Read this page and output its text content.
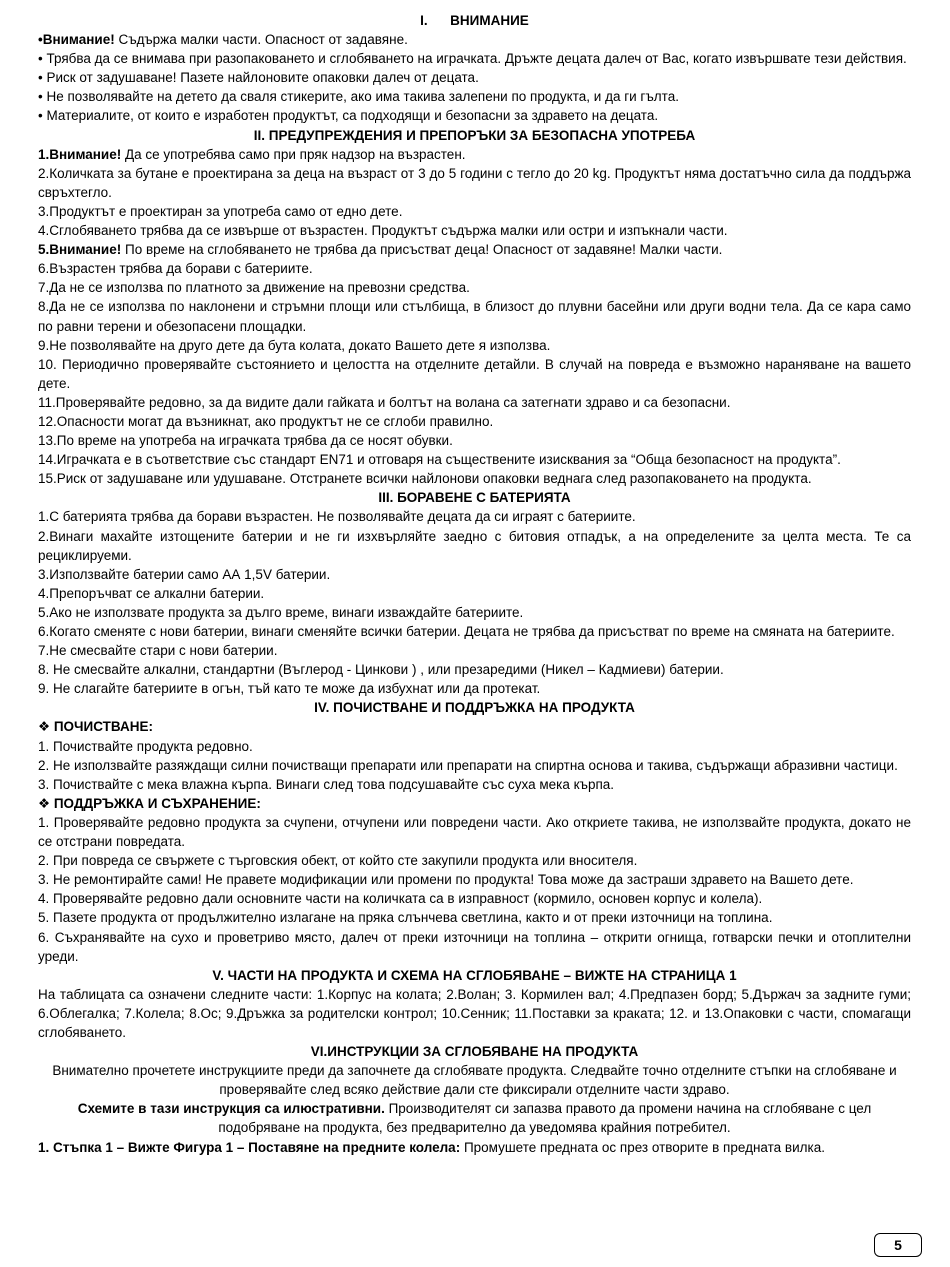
I.      ВНИМАНИЕ
•Внимание! Съдържа малки части. Опасност от задавяне.
• Трябва да се внимава при разопаковането и сглобяването на играчката. Дръжте децата далеч от Вас, когато извършвате тези действия.
• Риск от задушаване! Пазете найлоновите опаковки далеч от децата.
• Не позволявайте на детето да сваля стикерите, ако има такива залепени по продукта, и да ги гълта.
• Материалите, от които е изработен продуктът, са подходящи и безопасни за здравето на децата.
II. ПРЕДУПРЕЖДЕНИЯ И ПРЕПОРЪКИ ЗА БЕЗОПАСНА УПОТРЕБА
1.Внимание! Да се употребява само при пряк надзор на възрастен.
2.Количката за бутане е проектирана за деца на възраст от 3 до 5 години с тегло до 20 kg. Продуктът няма достатъчно сила да поддържа свръхтегло.
3.Продуктът е проектиран за употреба само от едно дете.
4.Сглобяването трябва да се извърше от възрастен. Продуктът съдържа малки или остри и изпъкнали части.
5.Внимание! По време на сглобяването не трябва да присъстват деца! Опасност от задавяне! Малки части.
6.Възрастен трябва да борави с батериите.
7.Да не се използва по платното за движение на превозни средства.
8.Да не се използва по наклонени и стръмни площи или стълбища, в близост до плувни басейни или други водни тела. Да се кара само по равни терени и обезопасени площадки.
9.Не позволявайте на друго дете да бута колата, докато Вашето дете я използва.
10. Периодично проверявайте състоянието и целостта на отделните детайли. В случай на повреда е възможно нараняване на вашето дете.
11.Проверявайте редовно, за да видите дали гайката и болтът на волана са затегнати здраво и са безопасни.
12.Опасности могат да възникнат, ако продуктът не се сглоби правилно.
13.По време на употреба на играчката трябва да се носят обувки.
14.Играчката е в съответствие със стандарт EN71 и отговаря на съществените изисквания за “Обща безопасност на продукта”.
15.Риск от задушаване или удушаване. Отстранете всички найлонови опаковки веднага след разопаковането на продукта.
III. БОРАВЕНЕ С БАТЕРИЯТА
1.С батерията трябва да борави възрастен. Не позволявайте децата да си играят с батериите.
2.Винаги махайте изтощените батерии и не ги изхвърляйте заедно с битовия отпадък, а на определените за целта места. Те са рециклируеми.
3.Използвайте батерии само АА 1,5V батерии.
4.Препоръчват се алкални батерии.
5.Ако не използвате продукта за дълго време, винаги изваждайте батериите.
6.Когато сменяте с нови батерии, винаги сменяйте всички батерии. Децата не трябва да присъстват по време на смяната на батериите.
7.Не смесвайте стари с нови батерии.
8. Не смесвайте алкални, стандартни (Въглерод - Цинкови ) , или презаредими (Никел – Кадмиеви) батерии.
9. Не слагайте батериите в огън, тъй като те може да избухнат или да протекат.
IV. ПОЧИСТВАНЕ И ПОДДРЪЖКА НА ПРОДУКТА
❖ ПОЧИСТВАНЕ:
1. Почиствайте продукта редовно.
2. Не използвайте разяждащи силни почистващи препарати или препарати на спиртна основа и такива, съдържащи абразивни частици.
3. Почиствайте с мека влажна кърпа. Винаги след това подсушавайте със суха мека кърпа.
❖ ПОДДРЪЖКА И СЪХРАНЕНИЕ:
1. Проверявайте редовно продукта за счупени, отчупени или повредени части. Ако откриете такива, не използвайте продукта, докато не се отстрани повредата.
2. При повреда се свържете с търговския обект, от който сте закупили продукта или вносителя.
3. Не ремонтирайте сами! Не правете модификации или промени по продукта! Това може да застраши здравето на Вашето дете.
4. Проверявайте редовно дали основните части на количката са в изправност (кормило, основен корпус и колела).
5. Пазете продукта от продължително излагане на пряка слънчева светлина, както и от преки източници на топлина.
6. Съхранявайте на сухо и проветриво място, далеч от преки източници на топлина – открити огнища, готварски печки и отоплителни уреди.
V. ЧАСТИ НА ПРОДУКТА И СХЕМА НА СГЛОБЯВАНЕ – ВИЖТЕ НА СТРАНИЦА 1
На таблицата са означени следните части: 1.Корпус на колата; 2.Волан; 3. Кормилен вал; 4.Предпазен борд; 5.Държач за задните гуми; 6.Облегалка; 7.Колела; 8.Ос; 9.Дръжка за родителски контрол; 10.Сенник; 11.Поставки за краката; 12. и 13.Опаковки с части, спомагащи сглобяването.
VI.ИНСТРУКЦИИ ЗА СГЛОБЯВАНЕ НА ПРОДУКТА
Внимателно прочетете инструкциите преди да започнете да сглобявате продукта. Следвайте точно отделните стъпки на сглобяване и проверявайте след всяко действие дали сте фиксирали отделните части здраво.
Схемите в тази инструкция са илюстративни. Производителят си запазва правото да промени начина на сглобяване с цел подобряване на продукта, без предварително да уведомява крайния потребител.
1. Стъпка 1 – Вижте Фигура 1 – Поставяне на предните колела: Промушете предната ос през отворите в предната вилка.
5
